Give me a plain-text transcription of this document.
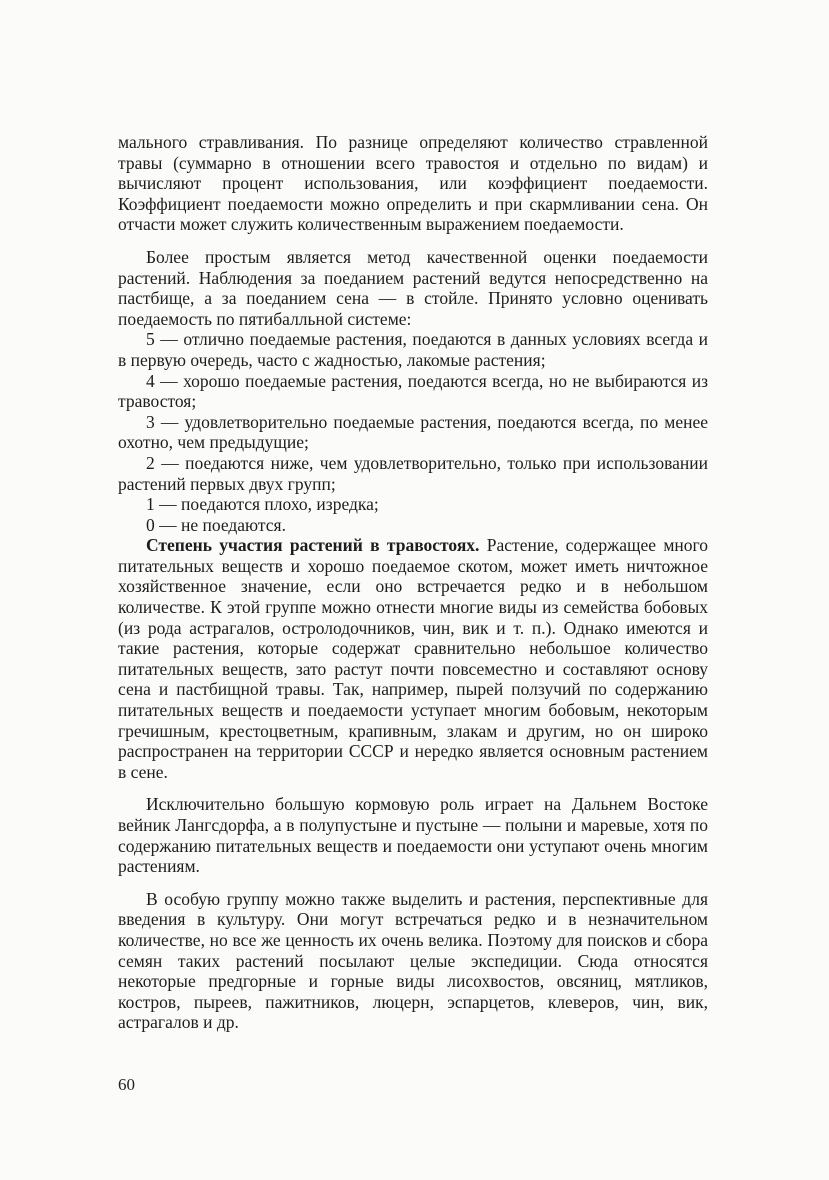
мального стравливания. По разнице определяют количество стравленной травы (суммарно в отношении всего травостоя и отдельно по видам) и вычисляют процент использования, или коэффициент поедаемости. Коэффициент поедаемости можно определить и при скармливании сена. Он отчасти может служить количественным выражением поедаемости.

Более простым является метод качественной оценки поедаемости растений. Наблюдения за поеданием растений ведутся непосредственно на пастбище, а за поеданием сена — в стойле. Принято условно оценивать поедаемость по пятибалльной системе:

5 — отлично поедаемые растения, поедаются в данных условиях всегда и в первую очередь, часто с жадностью, лакомые растения;

4 — хорошо поедаемые растения, поедаются всегда, но не выбираются из травостоя;

3 — удовлетворительно поедаемые растения, поедаются всегда, по менее охотно, чем предыдущие;

2 — поедаются ниже, чем удовлетворительно, только при использовании растений первых двух групп;

1 — поедаются плохо, изредка;

0 — не поедаются.

Степень участия растений в травостоях. Растение, содержащее много питательных веществ и хорошо поедаемое скотом, может иметь ничтожное хозяйственное значение, если оно встречается редко и в небольшом количестве. К этой группе можно отнести многие виды из семейства бобовых (из рода астрагалов, остролодочников, чин, вик и т. п.). Однако имеются и такие растения, которые содержат сравнительно небольшое количество питательных веществ, зато растут почти повсеместно и составляют основу сена и пастбищной травы. Так, например, пырей ползучий по содержанию питательных веществ и поедаемости уступает многим бобовым, некоторым гречишным, крестоцветным, крапивным, злакам и другим, но он широко распространен на территории СССР и нередко является основным растением в сене.

Исключительно большую кормовую роль играет на Дальнем Востоке вейник Лангсдорфа, а в полупустыне и пустыне — полыни и маревые, хотя по содержанию питательных веществ и поедаемости они уступают очень многим растениям.

В особую группу можно также выделить и растения, перспективные для введения в культуру. Они могут встречаться редко и в незначительном количестве, но все же ценность их очень велика. Поэтому для поисков и сбора семян таких растений посылают целые экспедиции. Сюда относятся некоторые предгорные и горные виды лисохвостов, овсяниц, мятликов, костров, пыреев, пажитников, люцерн, эспарцетов, клеверов, чин, вик, астрагалов и др.

60
